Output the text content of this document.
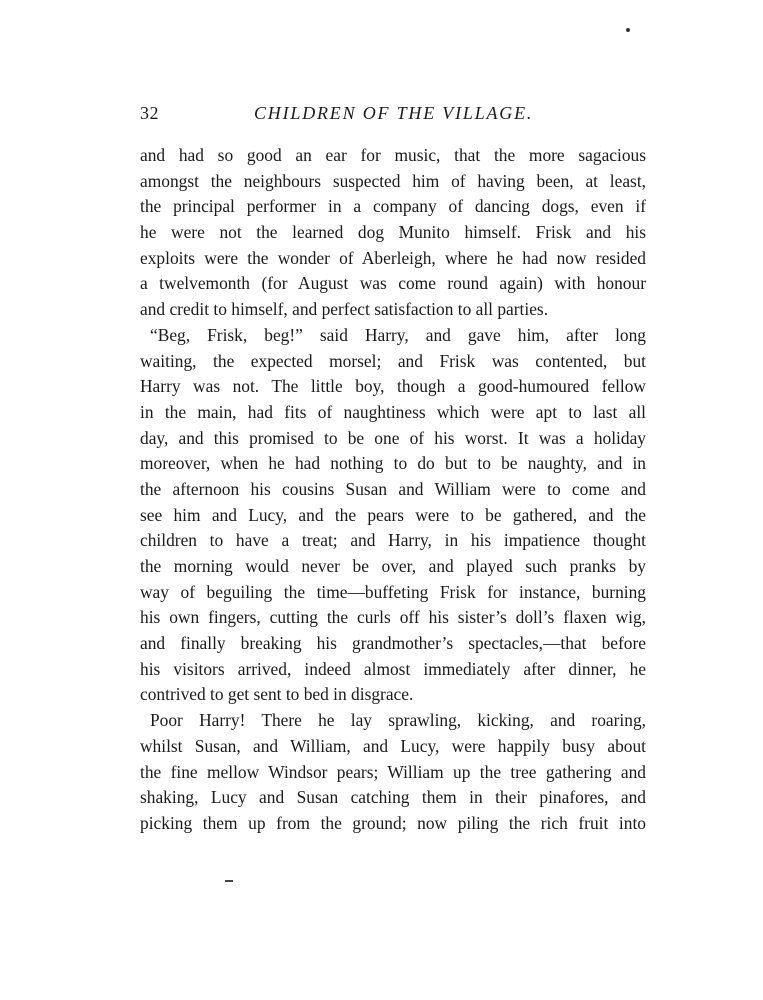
32	CHILDREN OF THE VILLAGE.
and had so good an ear for music, that the more sagacious
amongst the neighbours suspected him of having been, at least,
the principal performer in a company of dancing dogs, even if
he were not the learned dog Munito himself. Frisk and his
exploits were the wonder of Aberleigh, where he had now resided
a twelvemonth (for August was come round again) with honour
and credit to himself, and perfect satisfaction to all parties.
“Beg, Frisk, beg!” said Harry, and gave him, after long
waiting, the expected morsel; and Frisk was contented, but
Harry was not. The little boy, though a good-humoured fellow
in the main, had fits of naughtiness which were apt to last all
day, and this promised to be one of his worst. It was a holiday
moreover, when he had nothing to do but to be naughty, and in
the afternoon his cousins Susan and William were to come and
see him and Lucy, and the pears were to be gathered, and the
children to have a treat; and Harry, in his impatience thought
the morning would never be over, and played such pranks by
way of beguiling the time—buffeting Frisk for instance, burning
his own fingers, cutting the curls off his sister’s doll’s flaxen wig,
and finally breaking his grandmother’s spectacles,—that before
his visitors arrived, indeed almost immediately after dinner, he
contrived to get sent to bed in disgrace.
Poor Harry! There he lay sprawling, kicking, and roaring,
whilst Susan, and William, and Lucy, were happily busy about
the fine mellow Windsor pears; William up the tree gathering and
shaking, Lucy and Susan catching them in their pinafores, and
picking them up from the ground; now piling the rich fruit into
